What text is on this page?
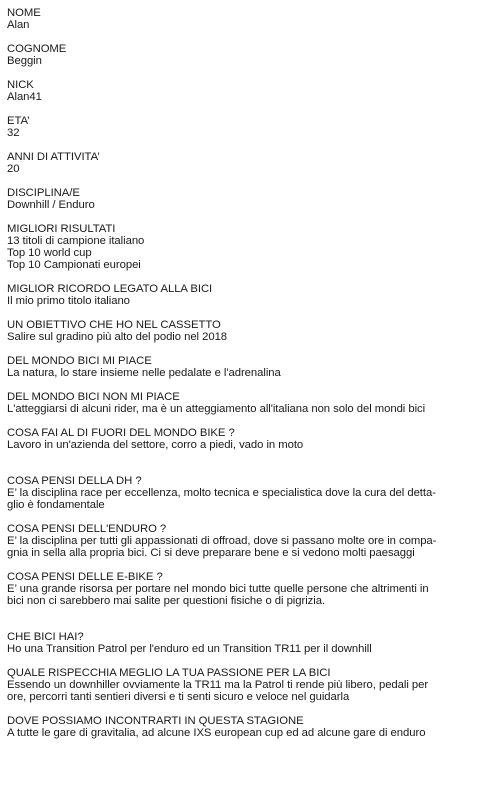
NOME
Alan
COGNOME
Beggin
NICK
Alan41
ETA’
32
ANNI DI ATTIVITA’
20
DISCIPLINA/E
Downhill / Enduro
MIGLIORI RISULTATI
13 titoli di campione italiano
Top 10 world cup
Top 10 Campionati europei
MIGLIOR RICORDO LEGATO ALLA BICI
Il mio primo titolo italiano
UN OBIETTIVO CHE HO NEL CASSETTO
Salire sul gradino più alto del podio nel 2018
DEL MONDO BICI MI PIACE
La natura, lo stare insieme nelle pedalate e l'adrenalina
DEL MONDO BICI NON MI PIACE
L'atteggiarsi di alcuni rider, ma è un atteggiamento all'italiana non solo del mondi bici
COSA FAI AL DI FUORI DEL MONDO BIKE ?
Lavoro in un'azienda del settore, corro a piedi, vado in moto
COSA PENSI DELLA DH ?
E’ la disciplina race per eccellenza, molto tecnica e specialistica dove la cura del detta-
glio è fondamentale
COSA PENSI DELL'ENDURO ?
E’ la disciplina per tutti gli appassionati di offroad, dove si passano molte ore in compa-
gnia in sella alla propria bici. Ci si deve preparare bene e si vedono molti paesaggi
COSA PENSI DELLE E-BIKE ?
E’ una grande risorsa per portare nel mondo bici tutte quelle persone che altrimenti in
bici non ci sarebbero mai salite per questioni fisiche o di pigrizia.
CHE BICI HAI?
Ho una Transition Patrol per l'enduro ed un Transition TR11 per il downhill
QUALE RISPECCHIA MEGLIO LA TUA PASSIONE PER LA BICI
Essendo un downhiller ovviamente la TR11 ma la Patrol ti rende più libero, pedali per
ore, percorri tanti sentieri diversi e ti senti sicuro e veloce nel guidarla
DOVE POSSIAMO INCONTRARTI IN QUESTA STAGIONE
A tutte le gare di gravitalia, ad alcune IXS european cup ed ad alcune gare di enduro
